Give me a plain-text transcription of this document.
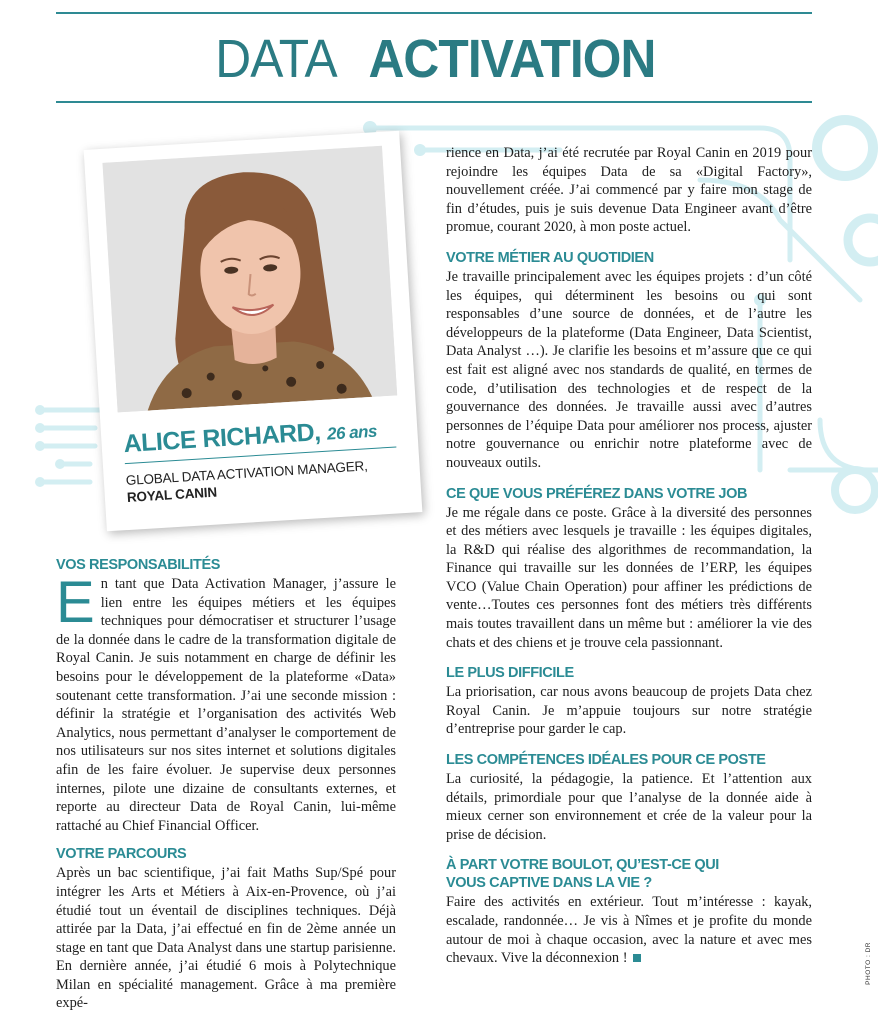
DATA ACTIVATION
ALICE RICHARD, 26 ans
GLOBAL DATA ACTIVATION MANAGER,
ROYAL CANIN
VOS RESPONSABILITÉS

En tant que Data Activation Manager, j’assure le lien entre les équipes métiers et les équipes techniques pour démocratiser et structurer l’usage de la donnée dans le cadre de la transformation digitale de Royal Canin. Je suis notamment en charge de définir les besoins pour le développement de la plateforme «Data» soutenant cette transformation. J’ai une seconde mission : définir la stratégie et l’organisation des activités Web Analytics, nous permettant d’analyser le comportement de nos utilisateurs sur nos sites internet et solutions digitales afin de les faire évoluer. Je supervise deux personnes internes, pilote une dizaine de consultants externes, et reporte au directeur Data de Royal Canin, lui-même rattaché au Chief Financial Officer.

VOTRE PARCOURS

Après un bac scientifique, j’ai fait Maths Sup/Spé pour intégrer les Arts et Métiers à Aix-en-Provence, où j’ai étudié tout un éventail de disciplines techniques. Déjà attirée par la Data, j’ai effectué en fin de 2ème année un stage en tant que Data Analyst dans une startup parisienne. En dernière année, j’ai étudié 6 mois à Polytechnique Milan en spécialité management. Grâce à ma première expé-

rience en Data, j’ai été recrutée par Royal Canin en 2019 pour rejoindre les équipes Data de sa «Digital Factory», nouvellement créée. J’ai commencé par y faire mon stage de fin d’études, puis je suis devenue Data Engineer avant d’être promue, courant 2020, à mon poste actuel.

VOTRE MÉTIER AU QUOTIDIEN

Je travaille principalement avec les équipes projets : d’un côté les équipes, qui déterminent les besoins ou qui sont responsables d’une source de données, et de l’autre les développeurs de la plateforme (Data Engineer, Data Scientist, Data Analyst …). Je clarifie les besoins et m’assure que ce qui est fait est aligné avec nos standards de qualité, en termes de code, d’utilisation des technologies et de respect de la gouvernance des données. Je travaille aussi avec d’autres personnes de l’équipe Data pour améliorer nos process, ajuster notre gouvernance ou enrichir notre plateforme avec de nouveaux outils.

CE QUE VOUS PRÉFÉREZ DANS VOTRE JOB

Je me régale dans ce poste. Grâce à la diversité des personnes et des métiers avec lesquels je travaille : les équipes digitales, la R&D qui réalise des algorithmes de recommandation, la Finance qui travaille sur les données de l’ERP, les équipes VCO (Value Chain Operation) pour affiner les prédictions de vente…Toutes ces personnes font des métiers très différents mais toutes travaillent dans un même but : améliorer la vie des chats et des chiens et je trouve cela passionnant.

LE PLUS DIFFICILE

La priorisation, car nous avons beaucoup de projets Data chez Royal Canin. Je m’appuie toujours sur notre stratégie d’entreprise pour garder le cap.

LES COMPÉTENCES IDÉALES POUR CE POSTE

La curiosité, la pédagogie, la patience. Et l’attention aux détails, primordiale pour que l’analyse de la donnée aide à mieux cerner son environnement et crée de la valeur pour la prise de décision.

À PART VOTRE BOULOT, QU’EST-CE QUI
VOUS CAPTIVE DANS LA VIE ?

Faire des activités en extérieur. Tout m’intéresse : kayak, escalade, randonnée… Je vis à Nîmes et je profite du monde autour de moi à chaque occasion, avec la nature et avec mes chevaux. Vive la déconnexion !	PHOTO : DR
